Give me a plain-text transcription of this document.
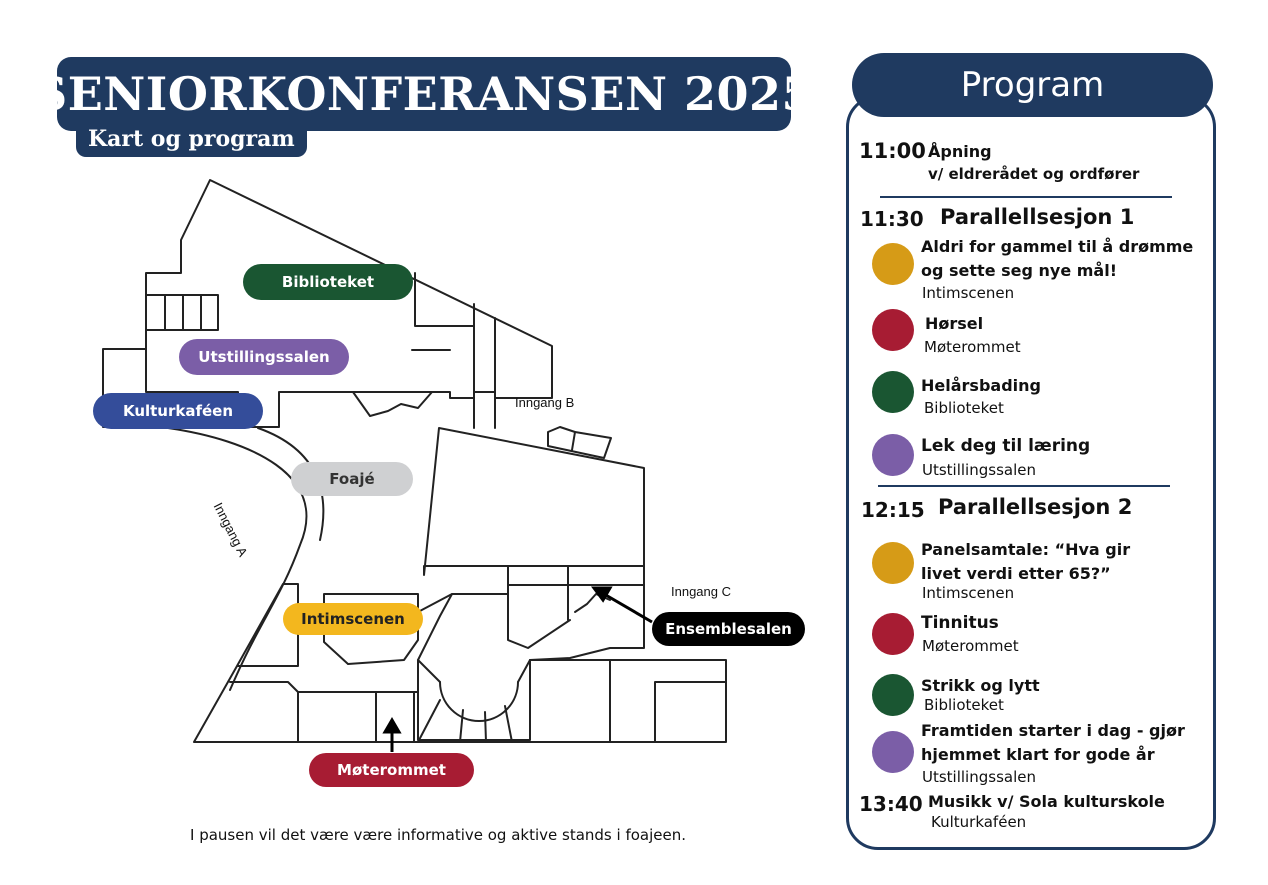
SENIORKONFERANSEN 2025
Kart og program
Biblioteket
Utstillingssalen
Kulturkaféen
Foajé
Intimscenen
Ensemblesalen
Møterommet
Inngang B
Inngang C
Inngang A
I pausen vil det være være informative og aktive stands i foajeen.
Program
11:00 Åpning
v/ eldrerådet og ordfører
11:30 Parallellsesjon 1
Aldri for gammel til å drømme
og sette seg nye mål!
Intimscenen
Hørsel
Møterommet
Helårsbading
Biblioteket
Lek deg til læring
Utstillingssalen
12:15 Parallellsesjon 2
Panelsamtale: “Hva gir
livet verdi etter 65?”
Intimscenen
Tinnitus
Møterommet
Strikk og lytt
Biblioteket
Framtiden starter i dag - gjør
hjemmet klart for gode år
Utstillingssalen
13:40 Musikk v/ Sola kulturskole
Kulturkaféen
